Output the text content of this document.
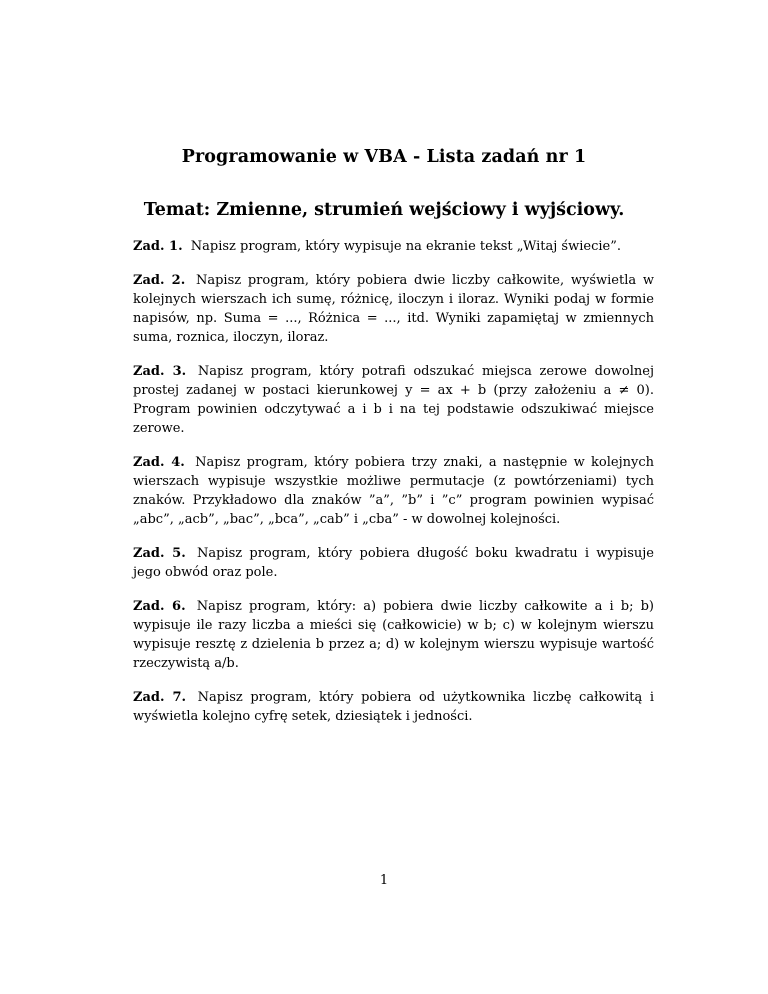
Programowanie w VBA - Lista zadań nr 1
Temat: Zmienne, strumień wejściowy i wyjściowy.

Zad. 1. Napisz program, który wypisuje na ekranie tekst „Witaj świecie”.

Zad. 2. Napisz program, który pobiera dwie liczby całkowite, wyświetla w kolejnych wierszach ich sumę, różnicę, iloczyn i iloraz. Wyniki podaj w formie napisów, np. Suma = ..., Różnica = ..., itd. Wyniki zapamiętaj w zmiennych suma, roznica, iloczyn, iloraz.

Zad. 3. Napisz program, który potrafi odszukać miejsca zerowe dowolnej prostej zadanej w postaci kierunkowej y = ax + b (przy założeniu a ≠ 0). Program powinien odczytywać a i b i na tej podstawie odszukiwać miejsce zerowe.

Zad. 4. Napisz program, który pobiera trzy znaki, a następnie w kolejnych wierszach wypisuje wszystkie możliwe permutacje (z powtórzeniami) tych znaków. Przykładowo dla znaków ”a”, ”b” i ”c” program powinien wypisać „abc”, „acb”, „bac”, „bca”, „cab” i „cba” - w dowolnej kolejności.

Zad. 5. Napisz program, który pobiera długość boku kwadratu i wypisuje jego obwód oraz pole.

Zad. 6. Napisz program, który: a) pobiera dwie liczby całkowite a i b; b) wypisuje ile razy liczba a mieści się (całkowicie) w b; c) w kolejnym wierszu wypisuje resztę z dzielenia b przez a; d) w kolejnym wierszu wypisuje wartość rzeczywistą a/b.

Zad. 7. Napisz program, który pobiera od użytkownika liczbę całkowitą i wyświetla kolejno cyfrę setek, dziesiątek i jedności.

1
